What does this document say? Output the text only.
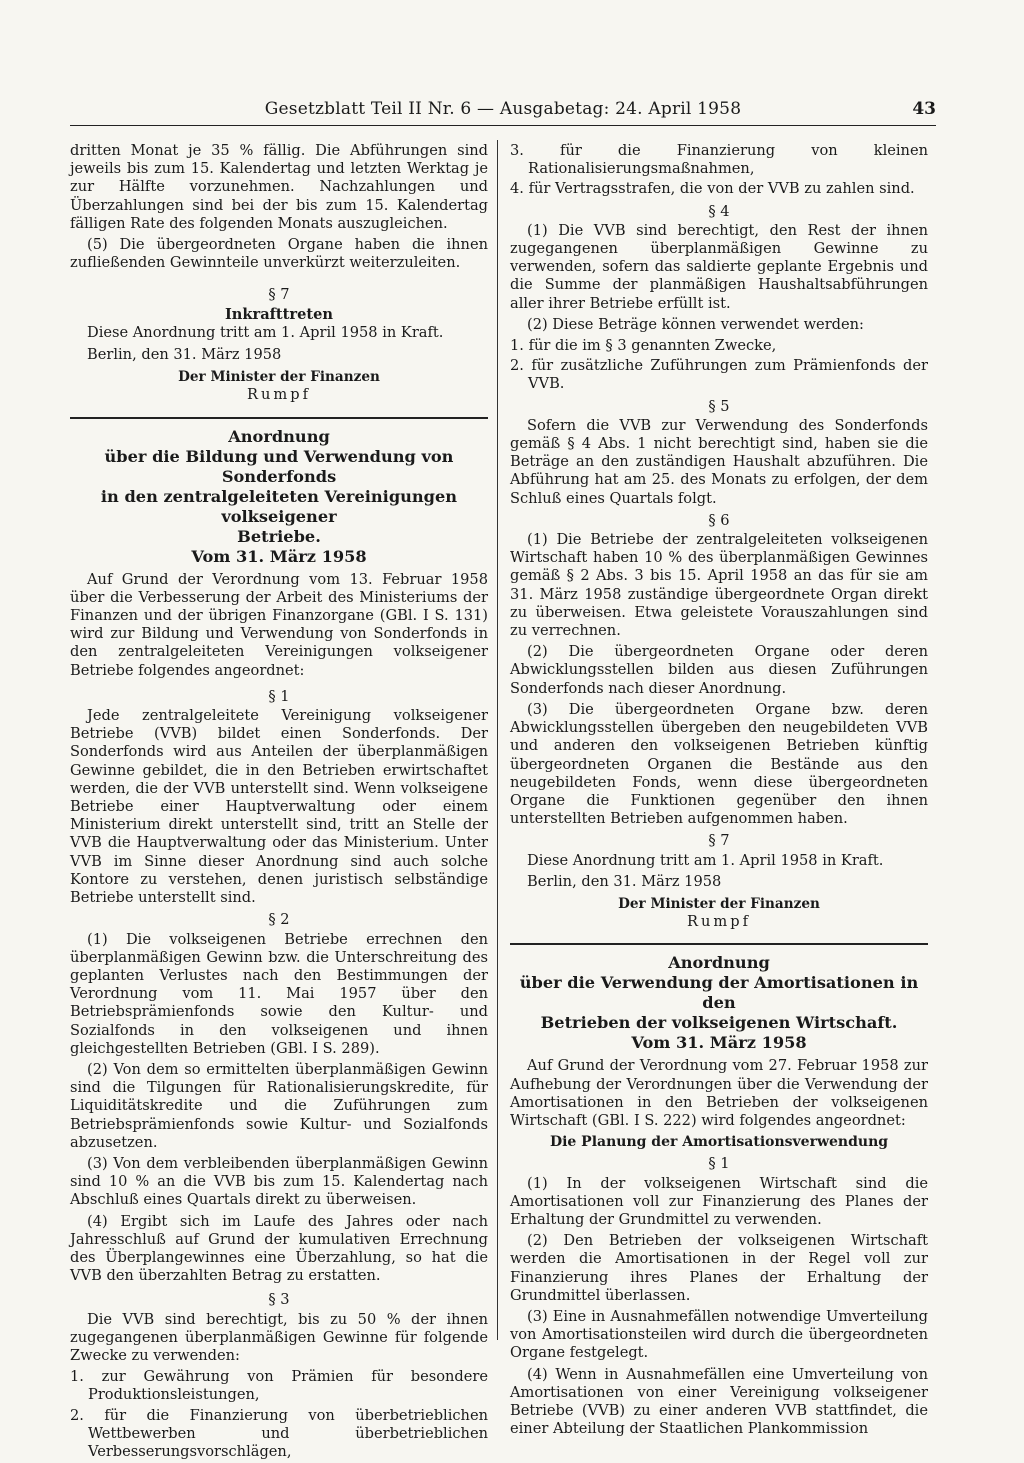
Gesetzblatt Teil II Nr. 6 — Ausgabetag: 24. April 1958	43

dritten Monat je 35 % fällig. Die Abführungen sind jeweils bis zum 15. Kalendertag und letzten Werktag je zur Hälfte vorzunehmen. Nachzahlungen und Überzahlungen sind bei der bis zum 15. Kalendertag fälligen Rate des folgenden Monats auszugleichen.

(5) Die übergeordneten Organe haben die ihnen zufließenden Gewinnteile unverkürzt weiterzuleiten.

§ 7

Inkrafttreten

Diese Anordnung tritt am 1. April 1958 in Kraft.

Berlin, den 31. März 1958

Der Minister der Finanzen

Rumpf

Anordnung

über die Bildung und Verwendung von Sonderfonds

in den zentralgeleiteten Vereinigungen volkseigener

Betriebe.

Vom 31. März 1958

Auf Grund der Verordnung vom 13. Februar 1958 über die Verbesserung der Arbeit des Ministeriums der Finanzen und der übrigen Finanzorgane (GBl. I S. 131) wird zur Bildung und Verwendung von Sonderfonds in den zentralgeleiteten Vereinigungen volkseigener Betriebe folgendes angeordnet:

§ 1

Jede zentralgeleitete Vereinigung volkseigener Betriebe (VVB) bildet einen Sonderfonds. Der Sonderfonds wird aus Anteilen der überplanmäßigen Gewinne gebildet, die in den Betrieben erwirtschaftet werden, die der VVB unterstellt sind. Wenn volkseigene Betriebe einer Hauptverwaltung oder einem Ministerium direkt unterstellt sind, tritt an Stelle der VVB die Hauptverwaltung oder das Ministerium. Unter VVB im Sinne dieser Anordnung sind auch solche Kontore zu verstehen, denen juristisch selbständige Betriebe unterstellt sind.

§ 2

(1) Die volkseigenen Betriebe errechnen den überplanmäßigen Gewinn bzw. die Unterschreitung des geplanten Verlustes nach den Bestimmungen der Verordnung vom 11. Mai 1957 über den Betriebsprämienfonds sowie den Kultur- und Sozialfonds in den volkseigenen und ihnen gleichgestellten Betrieben (GBl. I S. 289).

(2) Von dem so ermittelten überplanmäßigen Gewinn sind die Tilgungen für Rationalisierungskredite, für Liquiditätskredite und die Zuführungen zum Betriebsprämienfonds sowie Kultur- und Sozialfonds abzusetzen.

(3) Von dem verbleibenden überplanmäßigen Gewinn sind 10 % an die VVB bis zum 15. Kalendertag nach Abschluß eines Quartals direkt zu überweisen.

(4) Ergibt sich im Laufe des Jahres oder nach Jahresschluß auf Grund der kumulativen Errechnung des Überplangewinnes eine Überzahlung, so hat die VVB den überzahlten Betrag zu erstatten.

§ 3

Die VVB sind berechtigt, bis zu 50 % der ihnen zugegangenen überplanmäßigen Gewinne für folgende Zwecke zu verwenden:

1. zur Gewährung von Prämien für besondere Produktionsleistungen,

2. für die Finanzierung von überbetrieblichen Wettbewerben und überbetrieblichen Verbesserungsvorschlägen,

3. für die Finanzierung von kleinen Rationalisierungsmaßnahmen,

4. für Vertragsstrafen, die von der VVB zu zahlen sind.

§ 4

(1) Die VVB sind berechtigt, den Rest der ihnen zugegangenen überplanmäßigen Gewinne zu verwenden, sofern das saldierte geplante Ergebnis und die Summe der planmäßigen Haushaltsabführungen aller ihrer Betriebe erfüllt ist.

(2) Diese Beträge können verwendet werden:

1. für die im § 3 genannten Zwecke,

2. für zusätzliche Zuführungen zum Prämienfonds der VVB.

§ 5

Sofern die VVB zur Verwendung des Sonderfonds gemäß § 4 Abs. 1 nicht berechtigt sind, haben sie die Beträge an den zuständigen Haushalt abzuführen. Die Abführung hat am 25. des Monats zu erfolgen, der dem Schluß eines Quartals folgt.

§ 6

(1) Die Betriebe der zentralgeleiteten volkseigenen Wirtschaft haben 10 % des überplanmäßigen Gewinnes gemäß § 2 Abs. 3 bis 15. April 1958 an das für sie am 31. März 1958 zuständige übergeordnete Organ direkt zu überweisen. Etwa geleistete Vorauszahlungen sind zu verrechnen.

(2) Die übergeordneten Organe oder deren Abwicklungsstellen bilden aus diesen Zuführungen Sonderfonds nach dieser Anordnung.

(3) Die übergeordneten Organe bzw. deren Abwicklungsstellen übergeben den neugebildeten VVB und anderen den volkseigenen Betrieben künftig übergeordneten Organen die Bestände aus den neugebildeten Fonds, wenn diese übergeordneten Organe die Funktionen gegenüber den ihnen unterstellten Betrieben aufgenommen haben.

§ 7

Diese Anordnung tritt am 1. April 1958 in Kraft.

Berlin, den 31. März 1958

Der Minister der Finanzen

Rumpf

Anordnung

über die Verwendung der Amortisationen in den

Betrieben der volkseigenen Wirtschaft.

Vom 31. März 1958

Auf Grund der Verordnung vom 27. Februar 1958 zur Aufhebung der Verordnungen über die Verwendung der Amortisationen in den Betrieben der volkseigenen Wirtschaft (GBl. I S. 222) wird folgendes angeordnet:

Die Planung der Amortisationsverwendung

§ 1

(1) In der volkseigenen Wirtschaft sind die Amortisationen voll zur Finanzierung des Planes der Erhaltung der Grundmittel zu verwenden.

(2) Den Betrieben der volkseigenen Wirtschaft werden die Amortisationen in der Regel voll zur Finanzierung ihres Planes der Erhaltung der Grundmittel überlassen.

(3) Eine in Ausnahmefällen notwendige Umverteilung von Amortisationsteilen wird durch die übergeordneten Organe festgelegt.

(4) Wenn in Ausnahmefällen eine Umverteilung von Amortisationen von einer Vereinigung volkseigener Betriebe (VVB) zu einer anderen VVB stattfindet, die einer Abteilung der Staatlichen Plankommission
